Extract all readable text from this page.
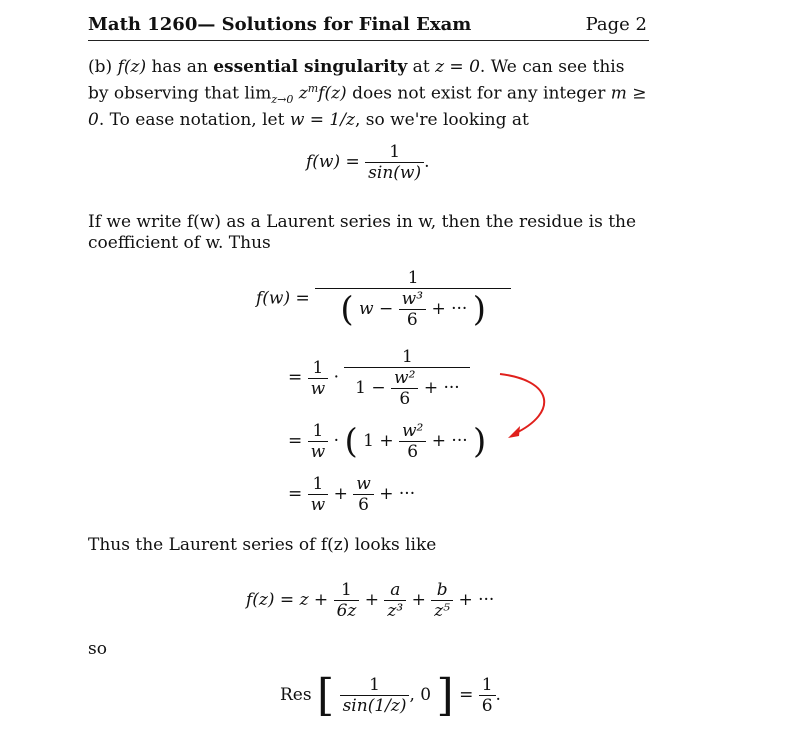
Math 1260— Solutions for Final Exam	Page 2
(b) f(z) has an essential singularity at z = 0. We can see this by observing that $\lim_{z\to 0} z^mf(z)$ does not exist for any integer m ≥ 0. To ease notation, let w = 1/z, so we're looking at
$f(w) = \frac{1}{\sin(w)}$ .
If we write f(w) as a Laurent series in w, then the residue is the coefficient of w. Thus
f(w) =
1
( $w - \frac{\text{w³}}{6}$ + ··· )
= $\frac{1}{w} \cdot \frac{1}{1 - \frac{\text{w²}}{6} + \cdot\cdot\cdot}$
= $\frac{1}{w}$ · ( $1 + \frac{\text{w²}}{6}$ + ··· )
= $\frac{1}{w} + \frac{w}{6}$ + ···
Thus the Laurent series of f(z) looks like
$f(z) = z + \frac{1}{6z} + \frac{a}{\text{z³}} + \frac{b}{\text{z⁵}}$ + ···
so
Res [ $\frac{1}{\sin(1/z)}$ , 0 ] = $\frac{1}{6}$ .
